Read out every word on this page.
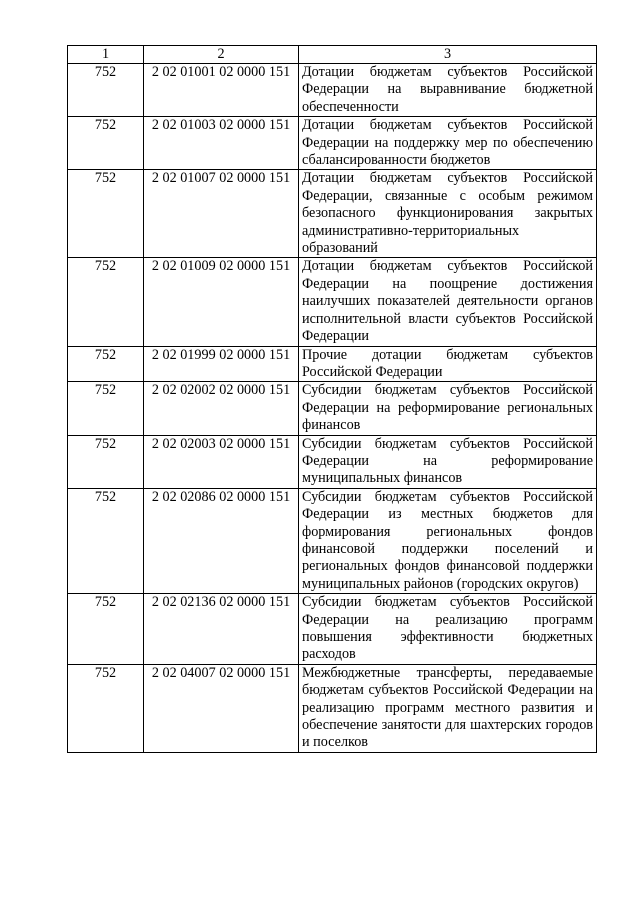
1	2	3
752	2 02 01001 02 0000 151	Дотации бюджетам субъектов Российской Федерации на выравнивание бюджетной обеспеченности
752	2 02 01003 02 0000 151	Дотации бюджетам субъектов Российской Федерации на поддержку мер по обеспечению сбалансированности бюджетов
752	2 02 01007 02 0000 151	Дотации бюджетам субъектов Российской Федерации, связанные с особым режимом безопасного функционирования закрытых административно-территориальных образований
752	2 02 01009 02 0000 151	Дотации бюджетам субъектов Российской Федерации на поощрение достижения наилучших показателей деятельности органов исполнительной власти субъектов Российской Федерации
752	2 02 01999 02 0000 151	Прочие дотации бюджетам субъектов Российской Федерации
752	2 02 02002 02 0000 151	Субсидии бюджетам субъектов Российской Федерации на реформирование региональных финансов
752	2 02 02003 02 0000 151	Субсидии бюджетам субъектов Российской Федерации на реформирование муниципальных финансов
752	2 02 02086 02 0000 151	Субсидии бюджетам субъектов Российской Федерации из местных бюджетов для формирования региональных фондов финансовой поддержки поселений и региональных фондов финансовой поддержки муниципальных районов (городских округов)
752	2 02 02136 02 0000 151	Субсидии бюджетам субъектов Российской Федерации на реализацию программ повышения эффективности бюджетных расходов
752	2 02 04007 02 0000 151	Межбюджетные трансферты, передаваемые бюджетам субъектов Российской Федерации на реализацию программ местного развития и обеспечение занятости для шахтерских городов и поселков
